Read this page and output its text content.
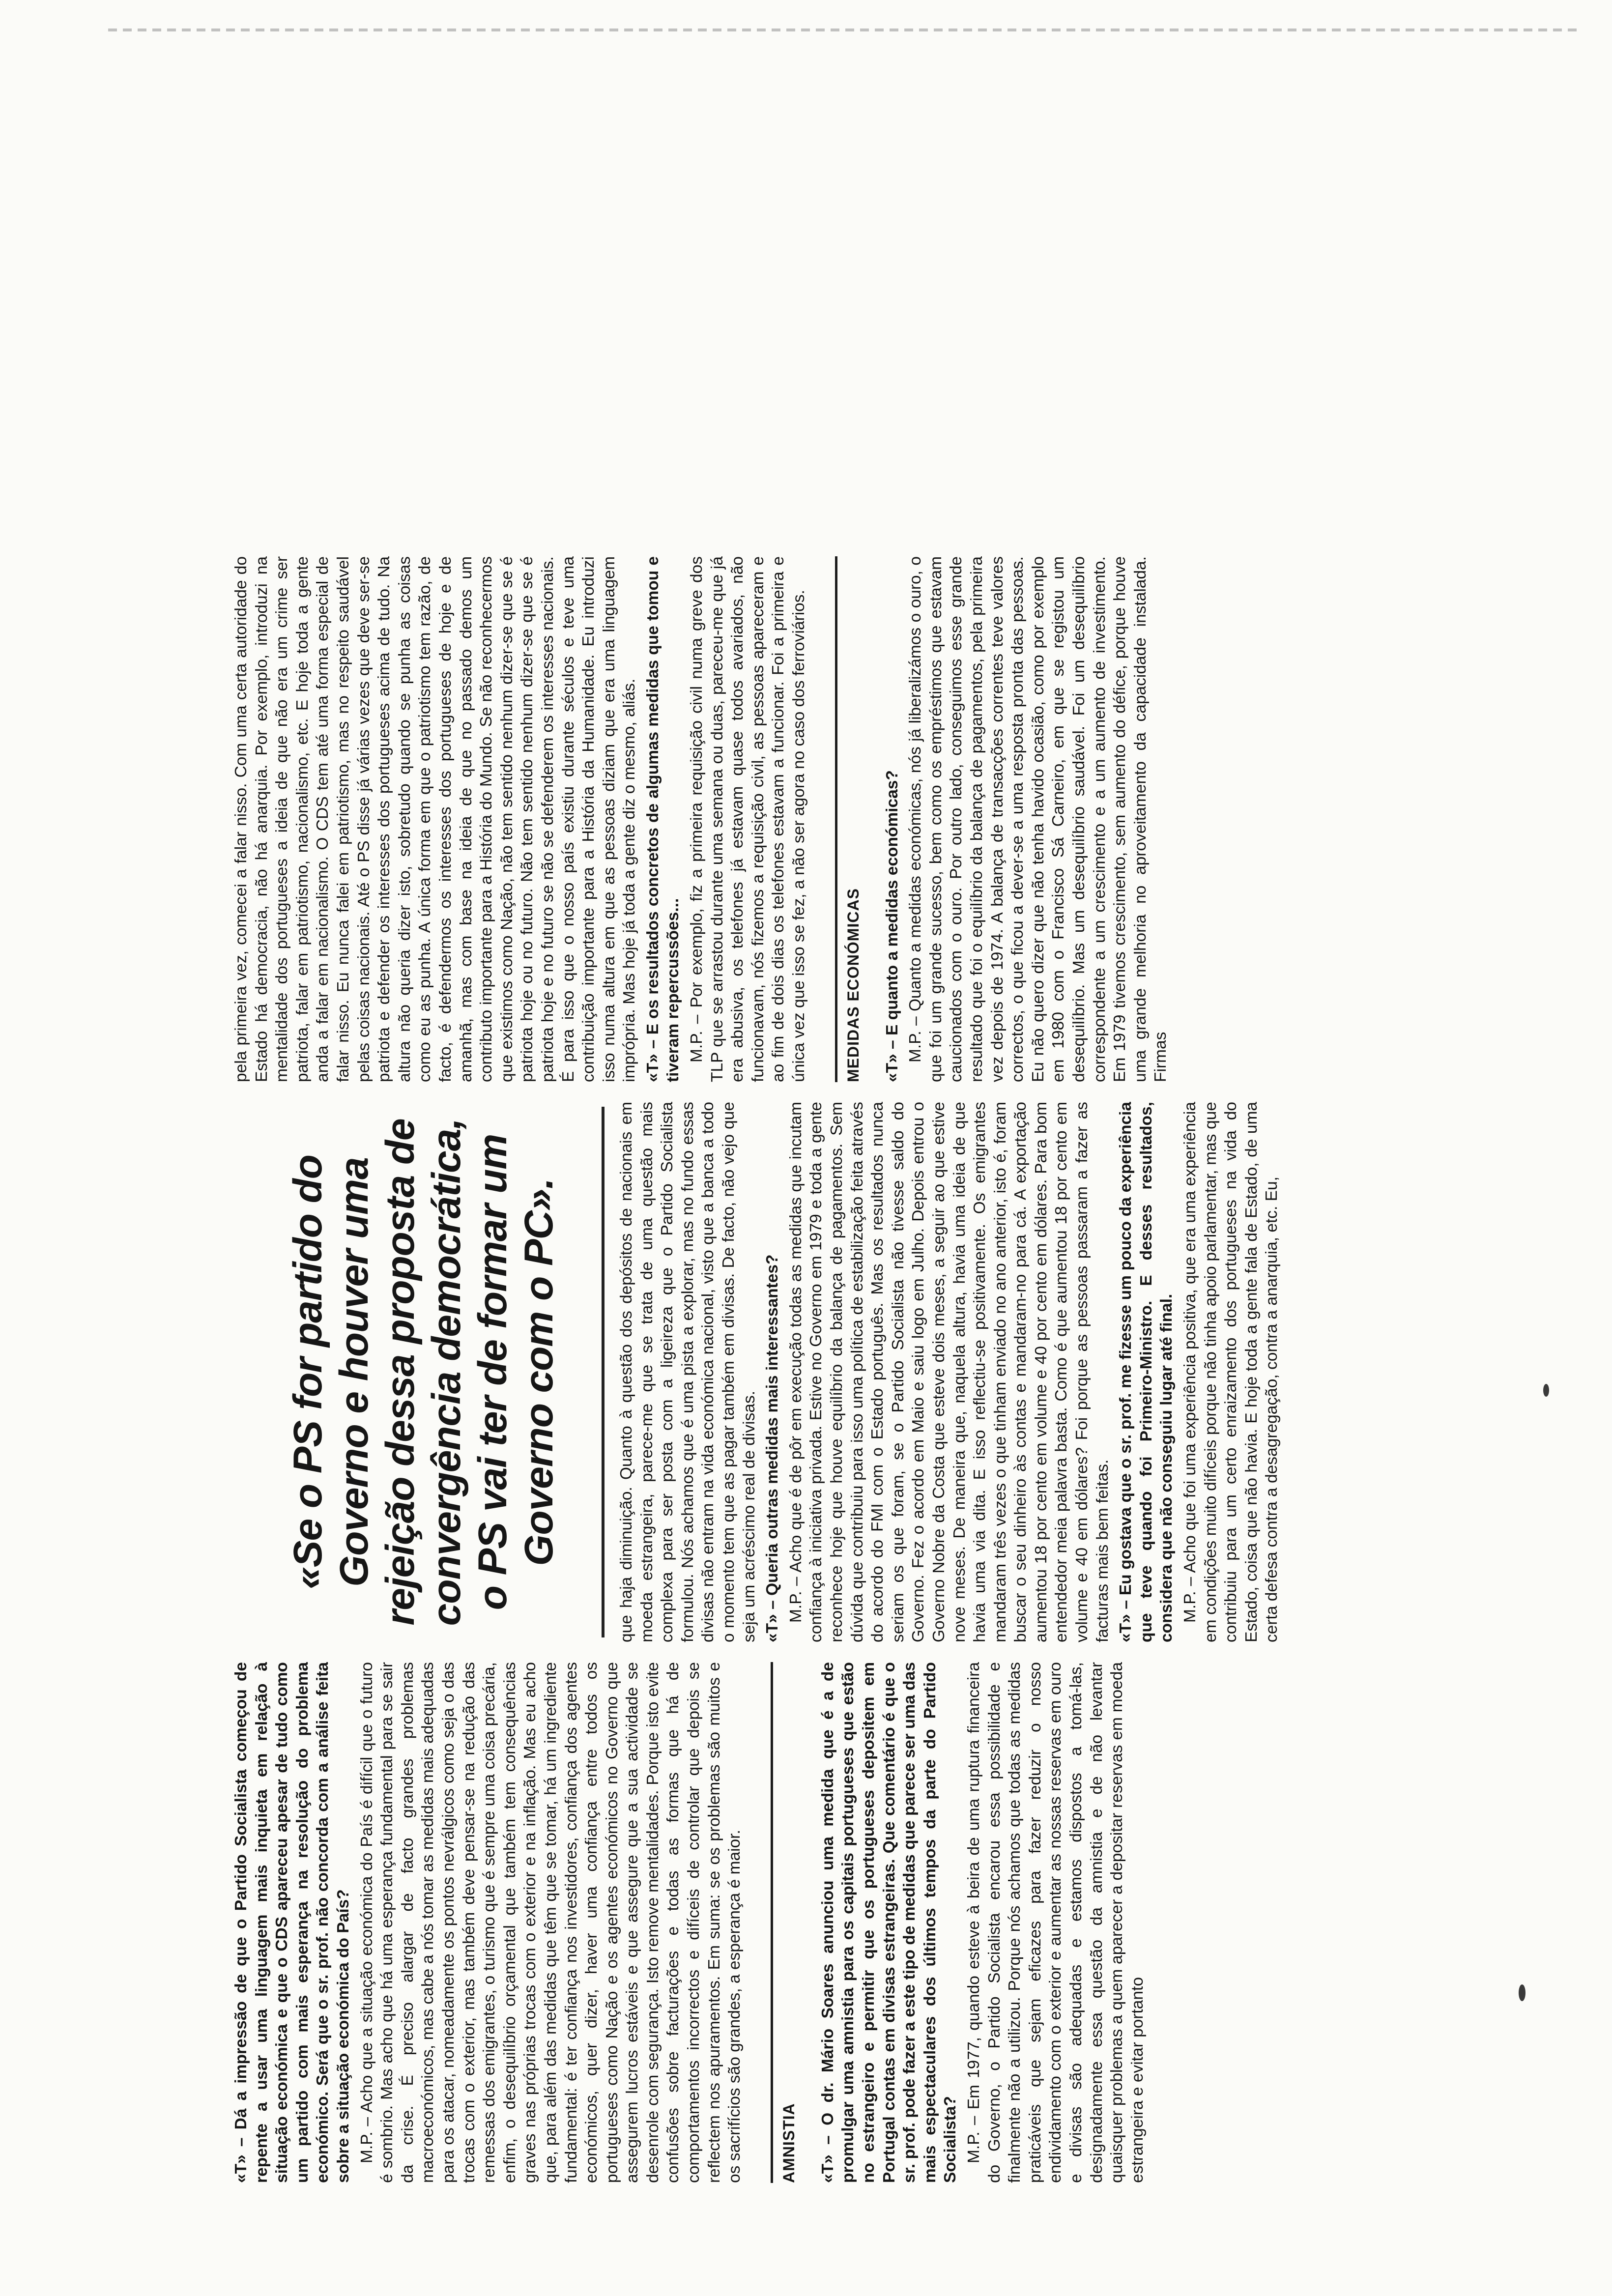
«T» – Dá a impressão de que o Partido Socialista começou de repente a usar uma linguagem mais inquieta em relação à situação económica e que o CDS apareceu apesar de tudo como um partido com mais esperança na resolução do problema económico. Será que o sr. prof. não concorda com a análise feita sobre a situação económica do País? M.P. – Acho que a situação económica do País é difícil que o futuro é sombrio. Mas acho que há uma esperança fundamental para se sair da crise. É preciso alargar de facto grandes problemas macroeconómicos, mas cabe a nós tomar as medidas mais adequadas para os atacar, nomeadamente os pontos nevrálgicos como seja o das trocas com o exterior, mas também deve pensar-se na redução das remessas dos emigrantes, o turismo que é sempre uma coisa precária, enfim, o desequilíbrio orçamental que também tem consequências graves nas próprias trocas com o exterior e na inflação. Mas eu acho que, para além das medidas que têm que se tomar, há um ingrediente fundamental: é ter confiança nos investidores, confiança dos agentes económicos, quer dizer, haver uma confiança entre todos os portugueses como Nação e os agentes económicos no Governo que assegurem lucros estáveis e que assegure que a sua actividade se desenrole com segurança. Isto remove mentalidades. Porque isto evite confusões sobre facturações e todas as formas que há de comportamentos incorrectos e difíceis de controlar que depois se reflectem nos apuramentos. Em suma: se os problemas são muitos e os sacrifícios são grandes, a esperança é maior.	AMNISTIA «T» – O dr. Mário Soares anunciou uma medida que é a de promulgar uma amnistia para os capitais portugueses que estão no estrangeiro e permitir que os portugueses depositem em Portugal contas em divisas estrangeiras. Que comentário é que o sr. prof. pode fazer a este tipo de medidas que parece ser uma das mais espectaculares dos últimos tempos da parte do Partido Socialista? M.P. – Em 1977, quando esteve à beira de uma ruptura financeira do Governo, o Partido Socialista encarou essa possibilidade e finalmente não a utilizou. Porque nós achamos que todas as medidas praticáveis que sejam eficazes para fazer reduzir o nosso endividamento com o exterior e aumentar as nossas reservas em ouro e divisas são adequadas e estamos dispostos a tomá-las, designadamente essa questão da amnistia e de não levantar quaisquer problemas a quem aparecer a depositar reservas em moeda estrangeira e evitar portanto

«Se o PS for partido do Governo e houver uma rejeição dessa proposta de convergência democrática, o PS vai ter de formar um Governo com o PC».	que haja diminuição. Quanto à questão dos depósitos de nacionais em moeda estrangeira, parece-me que se trata de uma questão mais complexa para ser posta com a ligeireza que o Partido Socialista formulou. Nós achamos que é uma pista a explorar, mas no fundo essas divisas não entram na vida económica nacional, visto que a banca a todo o momento tem que as pagar também em divisas. De facto, não vejo que seja um acréscimo real de divisas. «T» – Queria outras medidas mais interessantes? M.P. – Acho que é de pôr em execução todas as medidas que incutam confiança à iniciativa privada. Estive no Governo em 1979 e toda a gente reconhece hoje que houve equilíbrio da balança de pagamentos. Sem dúvida que contribuiu para isso uma política de estabilização feita através do acordo do FMI com o Estado português. Mas os resultados nunca seriam os que foram, se o Partido Socialista não tivesse saldo do Governo. Fez o acordo em Maio e saiu logo em Julho. Depois entrou o Governo Nobre da Costa que esteve dois meses, a seguir ao que estive nove meses. De maneira que, naquela altura, havia uma ideia de que havia uma via dita. E isso reflectiu-se positivamente. Os emigrantes mandaram três vezes o que tinham enviado no ano anterior, isto é, foram buscar o seu dinheiro às contas e mandaram-no para cá. A exportação aumentou 18 por cento em volume e 40 por cento em dólares. Para bom entendedor meia palavra basta. Como é que aumentou 18 por cento em volume e 40 em dólares? Foi porque as pessoas passaram a fazer as facturas mais bem feitas. «T» – Eu gostava que o sr. prof. me fizesse um pouco da experiência que teve quando foi Primeiro-Ministro. E desses resultados, considera que não conseguiu lugar até final. M.P. – Acho que foi uma experiência positiva, que era uma experiência em condições muito difíceis porque não tinha apoio parlamentar, mas que contribuiu para um certo enraizamento dos portugueses na vida do Estado, coisa que não havia. E hoje toda a gente fala de Estado, de uma certa defesa contra a desagregação, contra a anarquia, etc. Eu,

pela primeira vez, comecei a falar nisso. Com uma certa autoridade do Estado há democracia, não há anarquia. Por exemplo, introduzi na mentalidade dos portugueses a ideia de que não era um crime ser patriota, falar em patriotismo, nacionalismo, etc. E hoje toda a gente anda a falar em nacionalismo. O CDS tem até uma forma especial de falar nisso. Eu nunca falei em patriotismo, mas no respeito saudável pelas coisas nacionais. Até o PS disse já várias vezes que deve ser-se patriota e defender os interesses dos portugueses acima de tudo. Na altura não queria dizer isto, sobretudo quando se punha as coisas como eu as punha. A única forma em que o patriotismo tem razão, de facto, é defendermos os interesses dos portugueses de hoje e de amanhã, mas com base na ideia de que no passado demos um contributo importante para a História do Mundo. Se não reconhecermos que existimos como Nação, não tem sentido nenhum dizer-se que se é patriota hoje ou no futuro. Não tem sentido nenhum dizer-se que se é patriota hoje e no futuro se não se defenderem os interesses nacionais. É para isso que o nosso país existiu durante séculos e teve uma contribuição importante para a História da Humanidade. Eu introduzi isso numa altura em que as pessoas diziam que era uma linguagem imprópria. Mas hoje já toda a gente diz o mesmo, aliás. «T» – E os resultados concretos de algumas medidas que tomou e tiveram repercussões... M.P. – Por exemplo, fiz a primeira requisição civil numa greve dos TLP que se arrastou durante uma semana ou duas, pareceu-me que já era abusiva, os telefones já estavam quase todos avariados, não funcionavam, nós fizemos a requisição civil, as pessoas apareceram e ao fim de dois dias os telefones estavam a funcionar. Foi a primeira e única vez que isso se fez, a não ser agora no caso dos ferroviários.	MEDIDAS ECONÓMICAS «T» – E quanto a medidas económicas? M.P. – Quanto a medidas económicas, nós já liberalizámos o ouro, o que foi um grande sucesso, bem como os empréstimos que estavam caucionados com o ouro. Por outro lado, conseguimos esse grande resultado que foi o equilíbrio da balança de pagamentos, pela primeira vez depois de 1974. A balança de transacções correntes teve valores correctos, o que ficou a dever-se a uma resposta pronta das pessoas. Eu não quero dizer que não tenha havido ocasião, como por exemplo em 1980 com o Francisco Sá Carneiro, em que se registou um desequilíbrio. Mas um desequilíbrio saudável. Foi um desequilíbrio correspondente a um crescimento e a um aumento de investimento. Em 1979 tivemos crescimento, sem aumento do défice, porque houve uma grande melhoria no aproveitamento da capacidade instalada. Firmas
